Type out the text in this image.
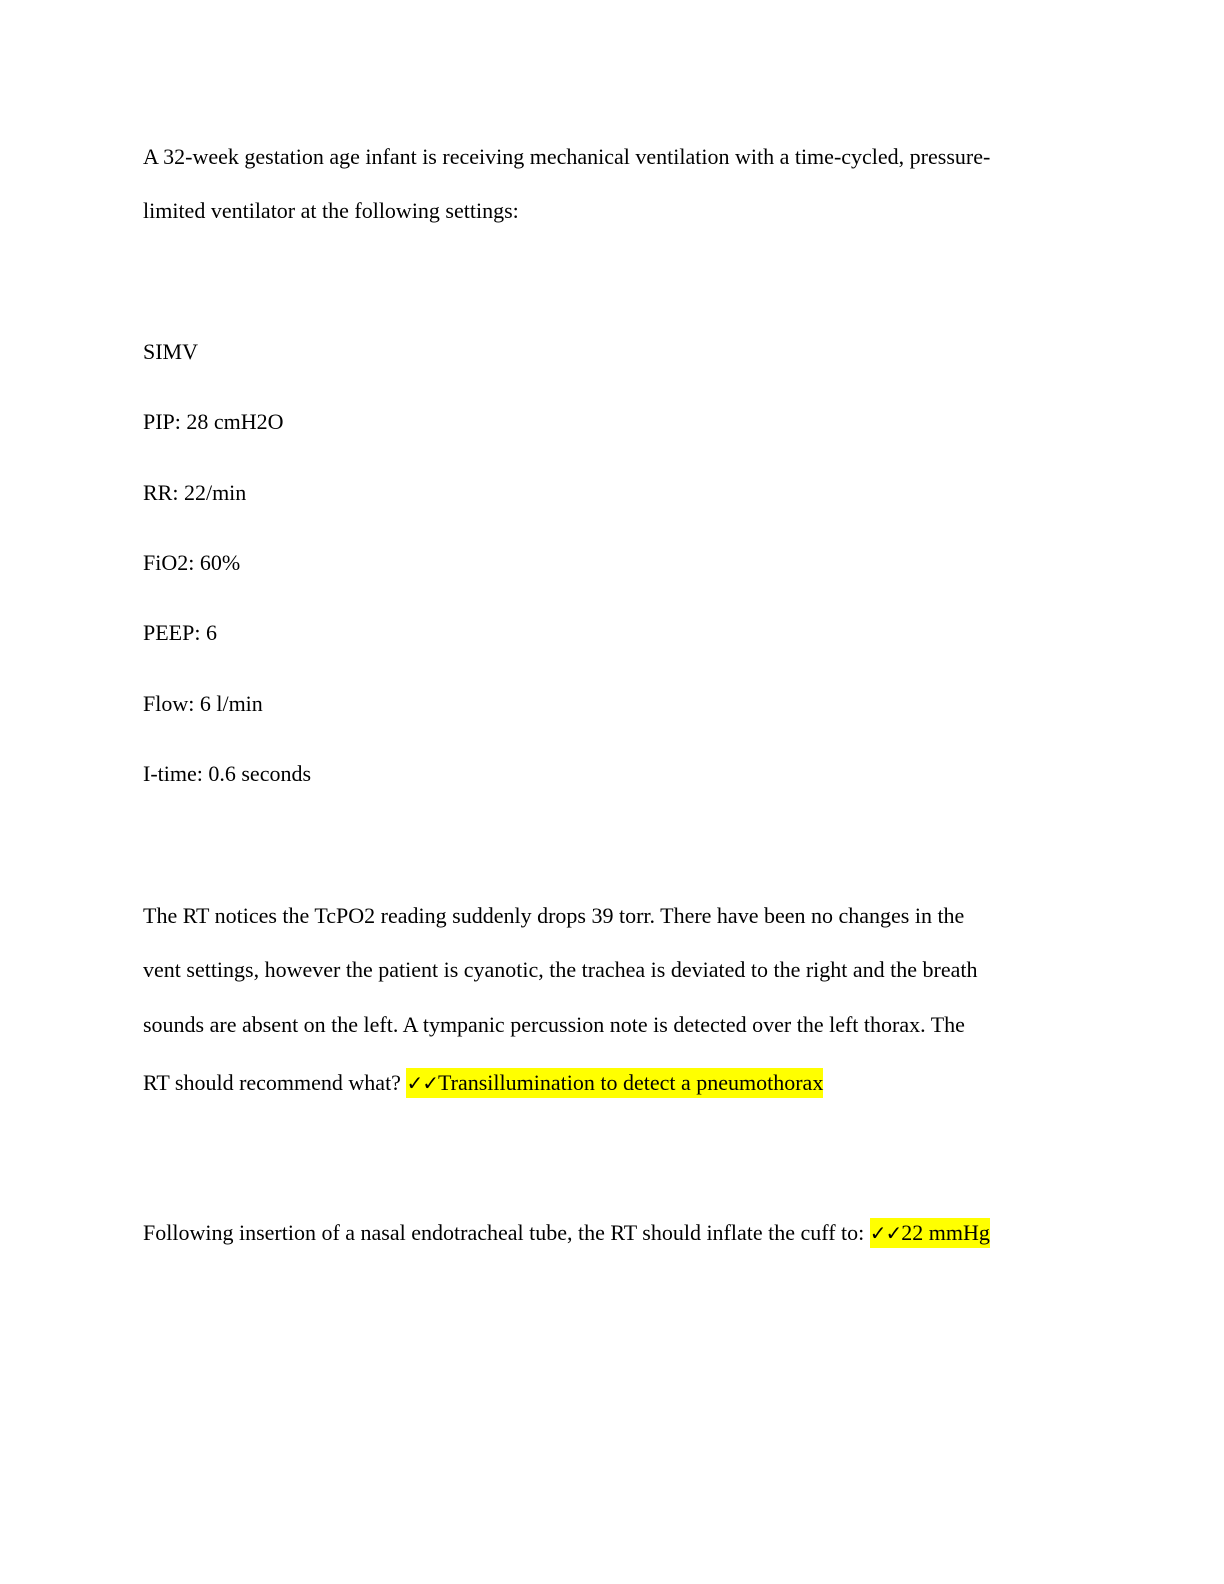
A 32-week gestation age infant is receiving mechanical ventilation with a time-cycled, pressure-

limited ventilator at the following settings:

SIMV

PIP: 28 cmH2O

RR: 22/min

FiO2: 60%

PEEP: 6

Flow: 6 l/min

I-time: 0.6 seconds

The RT notices the TcPO2 reading suddenly drops 39 torr. There have been no changes in the

vent settings, however the patient is cyanotic, the trachea is deviated to the right and the breath

sounds are absent on the left. A tympanic percussion note is detected over the left thorax. The

RT should recommend what? ✓✓Transillumination to detect a pneumothorax

Following insertion of a nasal endotracheal tube, the RT should inflate the cuff to: ✓✓22 mmHg
